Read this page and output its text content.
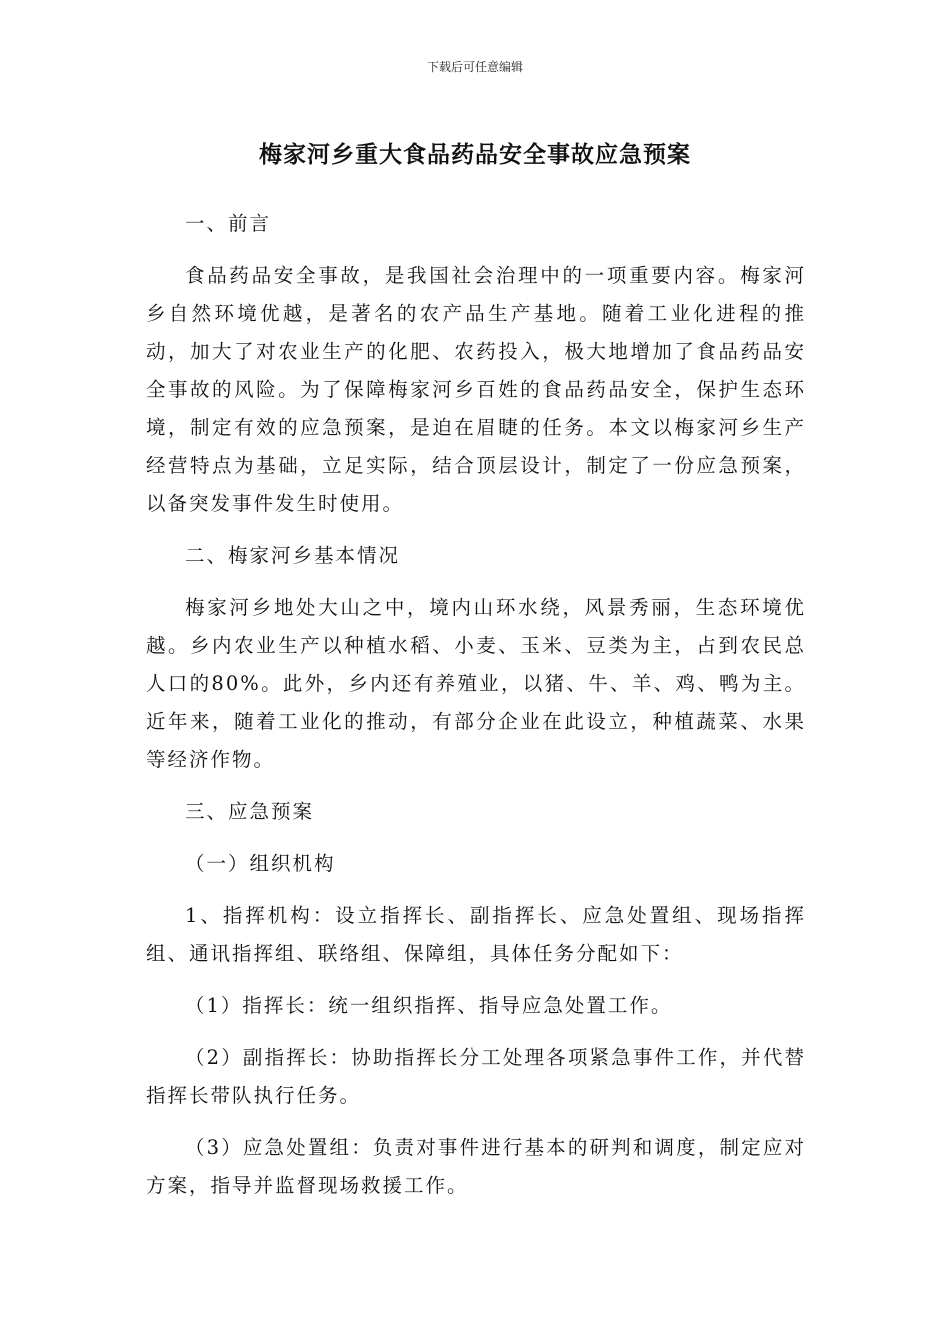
下载后可任意编辑
梅家河乡重大食品药品安全事故应急预案

一、前言

食品药品安全事故，是我国社会治理中的一项重要内容。梅家河乡自然环境优越，是著名的农产品生产基地。随着工业化进程的推动，加大了对农业生产的化肥、农药投入，极大地增加了食品药品安全事故的风险。为了保障梅家河乡百姓的食品药品安全，保护生态环境，制定有效的应急预案，是迫在眉睫的任务。本文以梅家河乡生产经营特点为基础，立足实际，结合顶层设计，制定了一份应急预案，以备突发事件发生时使用。

二、梅家河乡基本情况

梅家河乡地处大山之中，境内山环水绕，风景秀丽，生态环境优越。乡内农业生产以种植水稻、小麦、玉米、豆类为主，占到农民总人口的80%。此外，乡内还有养殖业，以猪、牛、羊、鸡、鸭为主。近年来，随着工业化的推动，有部分企业在此设立，种植蔬菜、水果等经济作物。

三、应急预案

（一）组织机构

1、指挥机构：设立指挥长、副指挥长、应急处置组、现场指挥组、通讯指挥组、联络组、保障组，具体任务分配如下：

（1）指挥长：统一组织指挥、指导应急处置工作。

（2）副指挥长：协助指挥长分工处理各项紧急事件工作，并代替指挥长带队执行任务。

（3）应急处置组：负责对事件进行基本的研判和调度，制定应对方案，指导并监督现场救援工作。
